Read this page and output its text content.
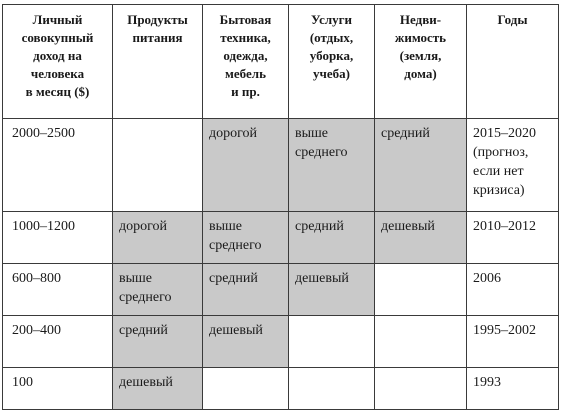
Личный
совокупный
доход на
человека
в месяц ($)	Продукты
питания	Бытовая
техника,
одежда,
мебель
и пр.	Услуги
(отдых,
уборка,
учеба)	Недви-
жимость
(земля,
дома)	Годы

2000–2500		дорогой	выше
среднего	средний	2015–2020
(прогноз,
если нет
кризиса)

1000–1200	дорогой	выше
среднего	средний	дешевый	2010–2012

600–800	выше
среднего	средний	дешевый		2006

200–400	средний	дешевый			1995–2002

100	дешевый				1993
